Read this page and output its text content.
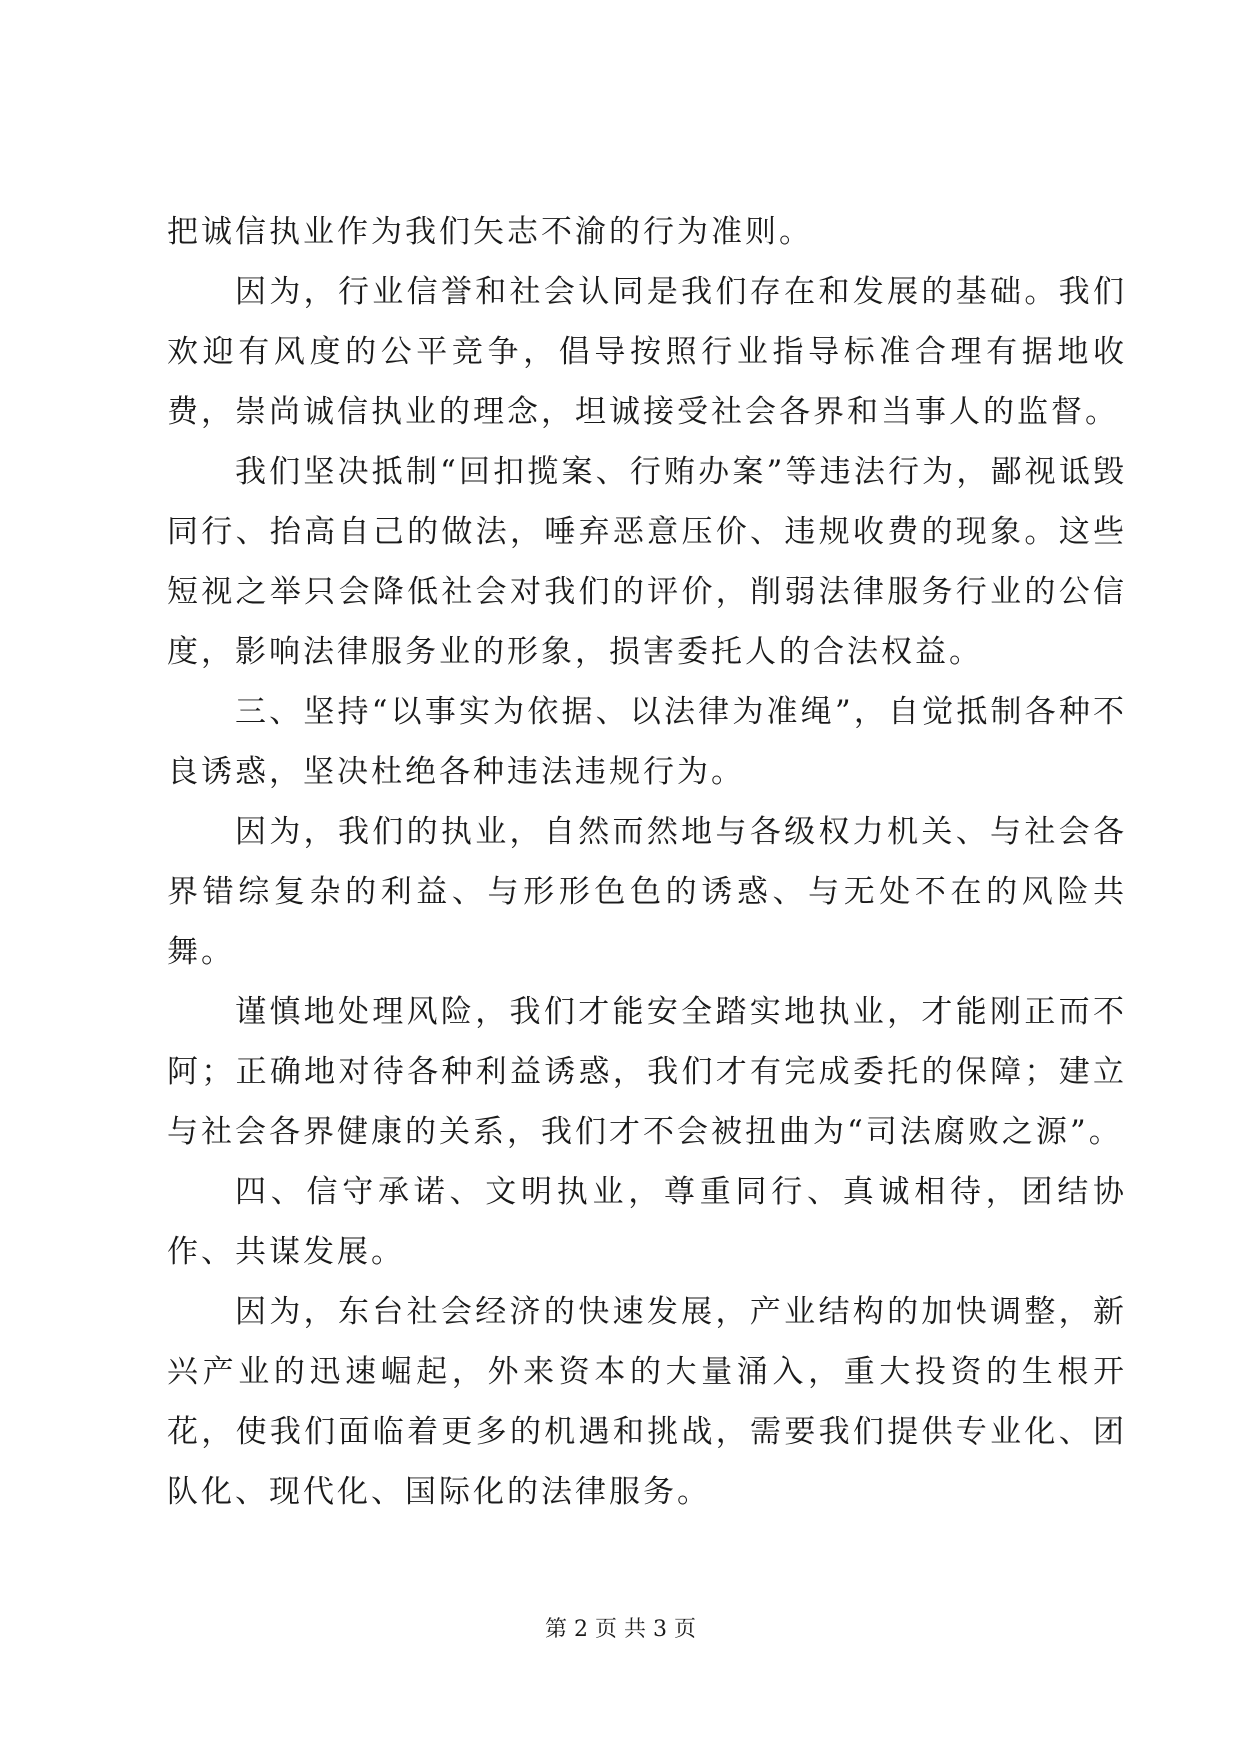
把诚信执业作为我们矢志不渝的行为准则。

因为，行业信誉和社会认同是我们存在和发展的基础。我们欢迎有风度的公平竞争，倡导按照行业指导标准合理有据地收费，崇尚诚信执业的理念，坦诚接受社会各界和当事人的监督。

我们坚决抵制“回扣揽案、行贿办案”等违法行为，鄙视诋毁同行、抬高自己的做法，唾弃恶意压价、违规收费的现象。这些短视之举只会降低社会对我们的评价，削弱法律服务行业的公信度，影响法律服务业的形象，损害委托人的合法权益。

三、坚持“以事实为依据、以法律为准绳”，自觉抵制各种不良诱惑，坚决杜绝各种违法违规行为。

因为，我们的执业，自然而然地与各级权力机关、与社会各界错综复杂的利益、与形形色色的诱惑、与无处不在的风险共舞。

谨慎地处理风险，我们才能安全踏实地执业，才能刚正而不阿；正确地对待各种利益诱惑，我们才有完成委托的保障；建立与社会各界健康的关系，我们才不会被扭曲为“司法腐败之源”。

四、信守承诺、文明执业，尊重同行、真诚相待，团结协作、共谋发展。

因为，东台社会经济的快速发展，产业结构的加快调整，新兴产业的迅速崛起，外来资本的大量涌入，重大投资的生根开花，使我们面临着更多的机遇和挑战，需要我们提供专业化、团队化、现代化、国际化的法律服务。

第 2 页 共 3 页
